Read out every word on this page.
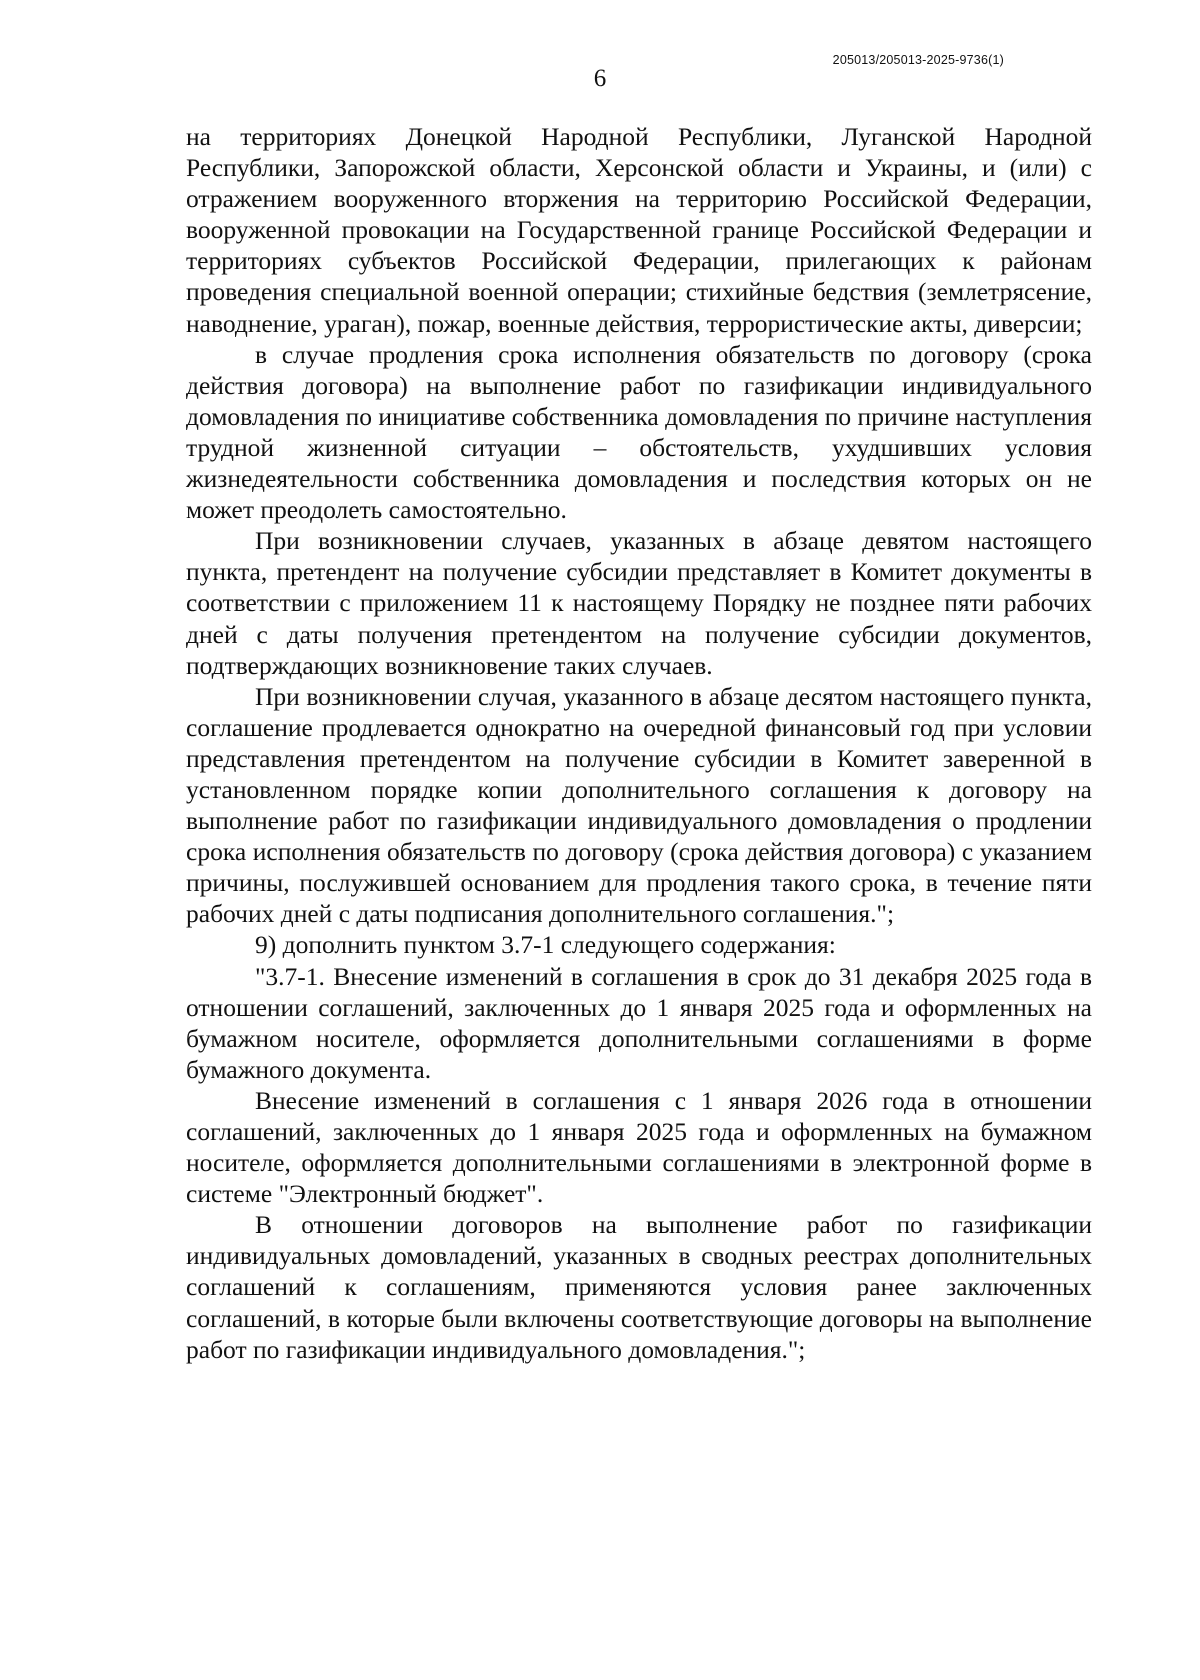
205013/205013-2025-9736(1)
6

на территориях Донецкой Народной Республики, Луганской Народной Республики, Запорожской области, Херсонской области и Украины, и (или) с отражением вооруженного вторжения на территорию Российской Федерации, вооруженной провокации на Государственной границе Российской Федерации и территориях субъектов Российской Федерации, прилегающих к районам проведения специальной военной операции; стихийные бедствия (землетрясение, наводнение, ураган), пожар, военные действия, террористические акты, диверсии;

в случае продления срока исполнения обязательств по договору (срока действия договора) на выполнение работ по газификации индивидуального домовладения по инициативе собственника домовладения по причине наступления трудной жизненной ситуации – обстоятельств, ухудшивших условия жизнедеятельности собственника домовладения и последствия которых он не может преодолеть самостоятельно.

При возникновении случаев, указанных в абзаце девятом настоящего пункта, претендент на получение субсидии представляет в Комитет документы в соответствии с приложением 11 к настоящему Порядку не позднее пяти рабочих дней с даты получения претендентом на получение субсидии документов, подтверждающих возникновение таких случаев.

При возникновении случая, указанного в абзаце десятом настоящего пункта, соглашение продлевается однократно на очередной финансовый год при условии представления претендентом на получение субсидии в Комитет заверенной в установленном порядке копии дополнительного соглашения к договору на выполнение работ по газификации индивидуального домовладения о продлении срока исполнения обязательств по договору (срока действия договора) с указанием причины, послужившей основанием для продления такого срока, в течение пяти рабочих дней с даты подписания дополнительного соглашения.";

9) дополнить пунктом 3.7-1 следующего содержания:

"3.7-1. Внесение изменений в соглашения в срок до 31 декабря 2025 года в отношении соглашений, заключенных до 1 января 2025 года и оформленных на бумажном носителе, оформляется дополнительными соглашениями в форме бумажного документа.

Внесение изменений в соглашения с 1 января 2026 года в отношении соглашений, заключенных до 1 января 2025 года и оформленных на бумажном носителе, оформляется дополнительными соглашениями в электронной форме в системе "Электронный бюджет".

В отношении договоров на выполнение работ по газификации индивидуальных домовладений, указанных в сводных реестрах дополнительных соглашений к соглашениям, применяются условия ранее заключенных соглашений, в которые были включены соответствующие договоры на выполнение работ по газификации индивидуального домовладения.";
